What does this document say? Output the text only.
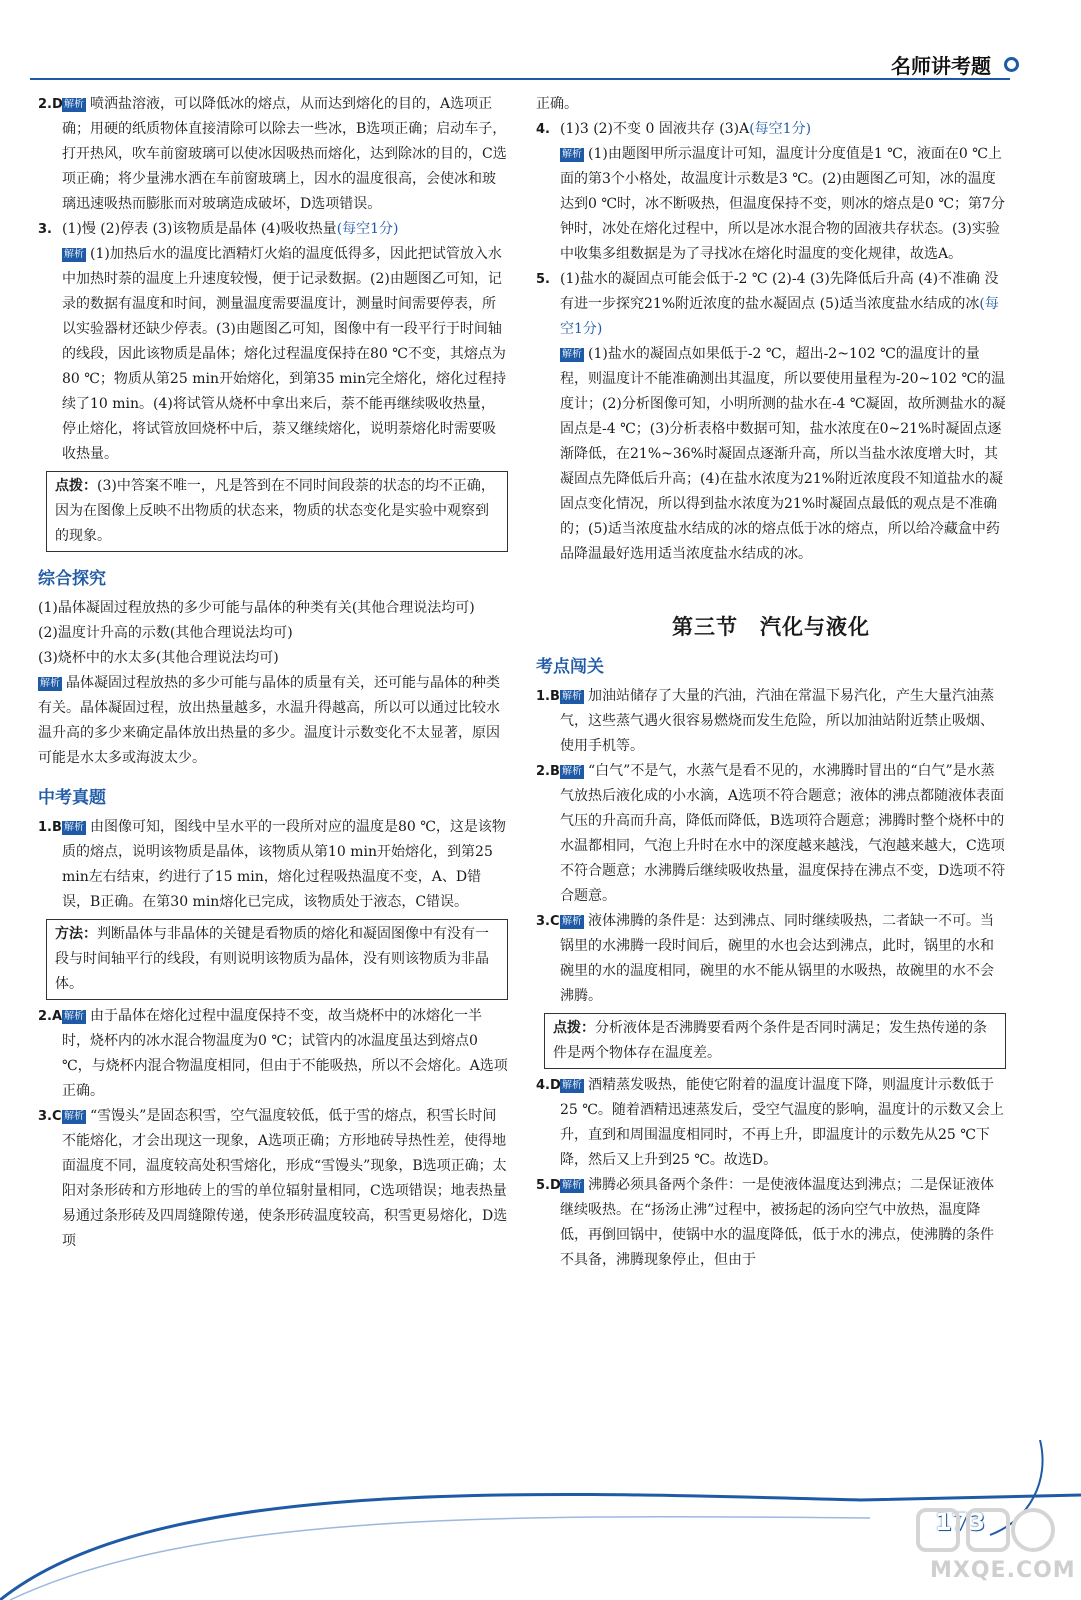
名师讲考题

2.D 解析 喷洒盐溶液，可以降低冰的熔点，从而达到熔化的目的，A选项正确；用硬的纸质物体直接清除可以除去一些冰，B选项正确；启动车子，打开热风，吹车前窗玻璃可以使冰因吸热而熔化，达到除冰的目的，C选项正确；将少量沸水洒在车前窗玻璃上，因水的温度很高，会使冰和玻璃迅速吸热而膨胀而对玻璃造成破坏，D选项错误。

3. (1)慢 (2)停表 (3)该物质是晶体 (4)吸收热量(每空1分)
解析 (1)加热后水的温度比酒精灯火焰的温度低得多，因此把试管放入水中加热时萘的温度上升速度较慢，便于记录数据。(2)由题图乙可知，记录的数据有温度和时间，测量温度需要温度计，测量时间需要停表，所以实验器材还缺少停表。(3)由题图乙可知，图像中有一段平行于时间轴的线段，因此该物质是晶体；熔化过程温度保持在80 ℃不变，其熔点为80 ℃；物质从第25 min开始熔化，到第35 min完全熔化，熔化过程持续了10 min。(4)将试管从烧杯中拿出来后，萘不能再继续吸收热量，停止熔化，将试管放回烧杯中后，萘又继续熔化，说明萘熔化时需要吸收热量。

点拨：(3)中答案不唯一，凡是答到在不同时间段萘的状态的均不正确，因为在图像上反映不出物质的状态来，物质的状态变化是实验中观察到的现象。
综合探究

(1)晶体凝固过程放热的多少可能与晶体的种类有关(其他合理说法均可)

(2)温度计升高的示数(其他合理说法均可)

(3)烧杯中的水太多(其他合理说法均可)

解析 晶体凝固过程放热的多少可能与晶体的质量有关，还可能与晶体的种类有关。晶体凝固过程，放出热量越多，水温升得越高，所以可以通过比较水温升高的多少来确定晶体放出热量的多少。温度计示数变化不太显著，原因可能是水太多或海波太少。

中考真题

1.B 解析 由图像可知，图线中呈水平的一段所对应的温度是80 ℃，这是该物质的熔点，说明该物质是晶体，该物质从第10 min开始熔化，到第25 min左右结束，约进行了15 min，熔化过程吸热温度不变，A、D错误，B正确。在第30 min熔化已完成，该物质处于液态，C错误。

方法：判断晶体与非晶体的关键是看物质的熔化和凝固图像中有没有一段与时间轴平行的线段，有则说明该物质为晶体，没有则该物质为非晶体。

2.A 解析 由于晶体在熔化过程中温度保持不变，故当烧杯中的冰熔化一半时，烧杯内的冰水混合物温度为0 ℃；试管内的冰温度虽达到熔点0 ℃，与烧杯内混合物温度相同，但由于不能吸热，所以不会熔化。A选项正确。

3.C 解析 “雪馒头”是固态积雪，空气温度较低，低于雪的熔点，积雪长时间不能熔化，才会出现这一现象，A选项正确；方形地砖导热性差，使得地面温度不同，温度较高处积雪熔化，形成“雪馒头”现象，B选项正确；太阳对条形砖和方形地砖上的雪的单位辐射量相同，C选项错误；地表热量易通过条形砖及四周缝隙传递，使条形砖温度较高，积雪更易熔化，D选项

正确。

4. (1)3 (2)不变 0 固液共存 (3)A(每空1分)
解析 (1)由题图甲所示温度计可知，温度计分度值是1 ℃，液面在0 ℃上面的第3个小格处，故温度计示数是3 ℃。(2)由题图乙可知，冰的温度达到0 ℃时，冰不断吸热，但温度保持不变，则冰的熔点是0 ℃；第7分钟时，冰处在熔化过程中，所以是冰水混合物的固液共存状态。(3)实验中收集多组数据是为了寻找冰在熔化时温度的变化规律，故选A。

5. (1)盐水的凝固点可能会低于-2 ℃ (2)-4 (3)先降低后升高 (4)不准确 没有进一步探究21%附近浓度的盐水凝固点 (5)适当浓度盐水结成的冰(每空1分)
解析 (1)盐水的凝固点如果低于-2 ℃，超出-2~102 ℃的温度计的量程，则温度计不能准确测出其温度，所以要使用量程为-20~102 ℃的温度计；(2)分析图像可知，小明所测的盐水在-4 ℃凝固，故所测盐水的凝固点是-4 ℃；(3)分析表格中数据可知，盐水浓度在0~21%时凝固点逐渐降低，在21%~36%时凝固点逐渐升高，所以当盐水浓度增大时，其凝固点先降低后升高；(4)在盐水浓度为21%附近浓度段不知道盐水的凝固点变化情况，所以得到盐水浓度为21%时凝固点最低的观点是不准确的；(5)适当浓度盐水结成的冰的熔点低于冰的熔点，所以给冷藏盒中药品降温最好选用适当浓度盐水结成的冰。

第三节　汽化与液化
考点闯关

1.B 解析 加油站储存了大量的汽油，汽油在常温下易汽化，产生大量汽油蒸气，这些蒸气遇火很容易燃烧而发生危险，所以加油站附近禁止吸烟、使用手机等。

2.B 解析 “白气”不是气，水蒸气是看不见的，水沸腾时冒出的“白气”是水蒸气放热后液化成的小水滴，A选项不符合题意；液体的沸点都随液体表面气压的升高而升高，降低而降低，B选项符合题意；沸腾时整个烧杯中的水温都相同，气泡上升时在水中的深度越来越浅，气泡越来越大，C选项不符合题意；水沸腾后继续吸收热量，温度保持在沸点不变，D选项不符合题意。

3.C 解析 液体沸腾的条件是：达到沸点、同时继续吸热，二者缺一不可。当锅里的水沸腾一段时间后，碗里的水也会达到沸点，此时，锅里的水和碗里的水的温度相同，碗里的水不能从锅里的水吸热，故碗里的水不会沸腾。

点拨：分析液体是否沸腾要看两个条件是否同时满足；发生热传递的条件是两个物体存在温度差。

4.D 解析 酒精蒸发吸热，能使它附着的温度计温度下降，则温度计示数低于25 ℃。随着酒精迅速蒸发后，受空气温度的影响，温度计的示数又会上升，直到和周围温度相同时，不再上升，即温度计的示数先从25 ℃下降，然后又上升到25 ℃。故选D。

5.D 解析 沸腾必须具备两个条件：一是使液体温度达到沸点；二是保证液体继续吸热。在“扬汤止沸”过程中，被扬起的汤向空气中放热，温度降低，再倒回锅中，使锅中水的温度降低，低于水的沸点，使沸腾的条件不具备，沸腾现象停止，但由于

173
MXQE.COM
